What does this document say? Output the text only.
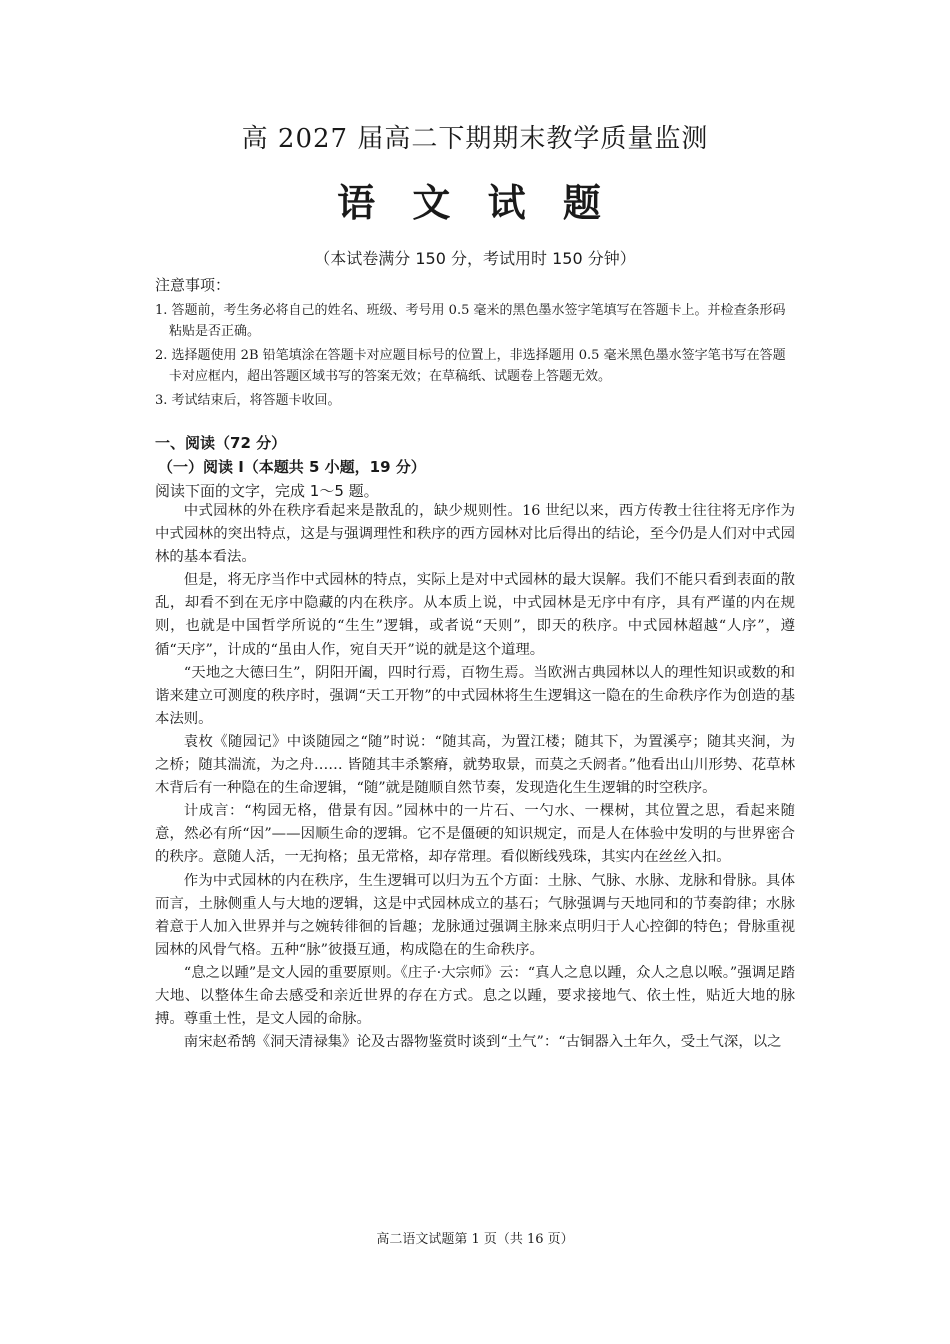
高 2027 届高二下期期末教学质量监测
语 文 试 题
（本试卷满分 150 分，考试用时 150 分钟）
注意事项：
1. 答题前，考生务必将自己的姓名、班级、考号用 0.5 毫米的黑色墨水签字笔填写在答题卡上。并检查条形码粘贴是否正确。
2. 选择题使用 2B 铅笔填涂在答题卡对应题目标号的位置上，非选择题用 0.5 毫米黑色墨水签字笔书写在答题卡对应框内，超出答题区域书写的答案无效；在草稿纸、试题卷上答题无效。
3. 考试结束后，将答题卡收回。
一、阅读（72 分）
（一）阅读 I（本题共 5 小题，19 分）
阅读下面的文字，完成 1～5 题。

中式园林的外在秩序看起来是散乱的，缺少规则性。16 世纪以来，西方传教士往往将无序作为中式园林的突出特点，这是与强调理性和秩序的西方园林对比后得出的结论，至今仍是人们对中式园林的基本看法。

但是，将无序当作中式园林的特点，实际上是对中式园林的最大误解。我们不能只看到表面的散乱，却看不到在无序中隐藏的内在秩序。从本质上说，中式园林是无序中有序，具有严谨的内在规则，也就是中国哲学所说的“生生”逻辑，或者说“天则”，即天的秩序。中式园林超越“人序”，遵循“天序”，计成的“虽由人作，宛自天开”说的就是这个道理。

“天地之大德曰生”，阴阳开阖，四时行焉，百物生焉。当欧洲古典园林以人的理性知识或数的和谐来建立可测度的秩序时，强调“天工开物”的中式园林将生生逻辑这一隐在的生命秩序作为创造的基本法则。

袁枚《随园记》中谈随园之“随”时说：“随其高，为置江楼；随其下，为置溪亭；随其夹涧，为之桥；随其湍流，为之舟…… 皆随其丰杀繁瘠，就势取景，而莫之夭阏者。”他看出山川形势、花草林木背后有一种隐在的生命逻辑，“随”就是随顺自然节奏，发现造化生生逻辑的时空秩序。

计成言：“构园无格，借景有因。”园林中的一片石、一勺水、一棵树，其位置之思，看起来随意，然必有所“因”——因顺生命的逻辑。它不是僵硬的知识规定，而是人在体验中发明的与世界密合的秩序。意随人活，一无拘格；虽无常格，却存常理。看似断线残珠，其实内在丝丝入扣。

作为中式园林的内在秩序，生生逻辑可以归为五个方面：土脉、气脉、水脉、龙脉和骨脉。具体而言，土脉侧重人与大地的逻辑，这是中式园林成立的基石；气脉强调与天地同和的节奏韵律；水脉着意于人加入世界并与之婉转徘徊的旨趣；龙脉通过强调主脉来点明归于人心控御的特色；骨脉重视园林的风骨气格。五种“脉”彼摄互通，构成隐在的生命秩序。

“息之以踵”是文人园的重要原则。《庄子·大宗师》云：“真人之息以踵，众人之息以喉。”强调足踏大地、以整体生命去感受和亲近世界的存在方式。息之以踵，要求接地气、依土性，贴近大地的脉搏。尊重土性，是文人园的命脉。

南宋赵希鹄《洞天清禄集》论及古器物鉴赏时谈到“土气”：“古铜器入土年久，受土气深，以之

高二语文试题第 1 页（共 16 页）
